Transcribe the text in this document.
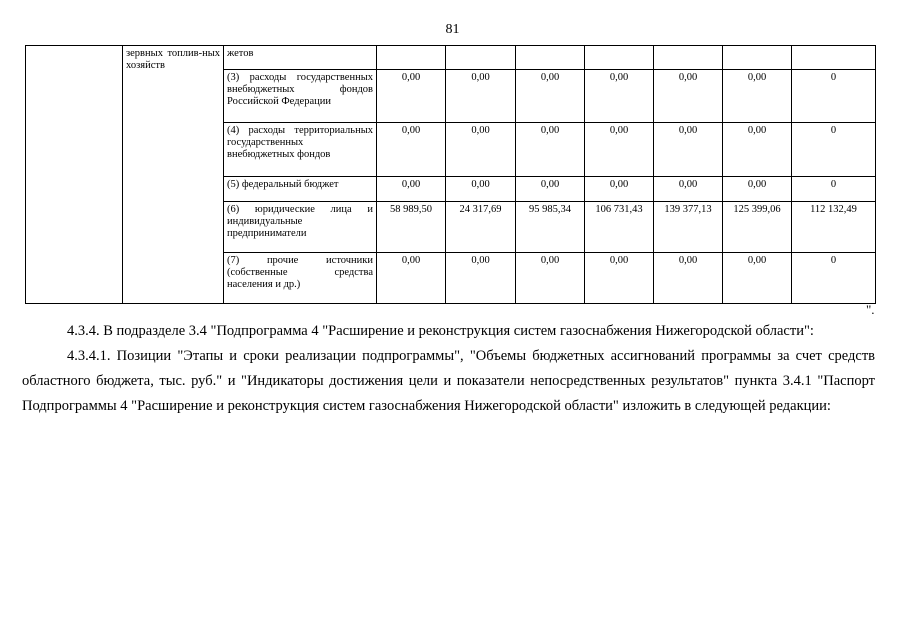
81
	зервных топлив-ных хозяйств	жетов							
		(3) расходы государственных внебюджетных фондов Российской Федерации	0,00	0,00	0,00	0,00	0,00	0,00	0
		(4) расходы территориальных государственных внебюджетных фондов	0,00	0,00	0,00	0,00	0,00	0,00	0
		(5) федеральный бюджет	0,00	0,00	0,00	0,00	0,00	0,00	0
		(6) юридические лица и индивидуальные предприниматели	58 989,50	24 317,69	95 985,34	106 731,43	139 377,13	125 399,06	112 132,49
		(7) прочие источники (собственные средства населения и др.)	0,00	0,00	0,00	0,00	0,00	0,00	0
".
4.3.4. В подразделе 3.4 "Подпрограмма 4 "Расширение и реконструкция систем газоснабжения Нижегородской области":
4.3.4.1. Позиции "Этапы и сроки реализации подпрограммы", "Объемы бюджетных ассигнований программы за счет средств областного бюджета, тыс. руб." и "Индикаторы достижения цели и показатели непосредственных результатов" пункта 3.4.1 "Паспорт Подпрограммы 4 "Расширение и реконструкция систем газоснабжения Нижегородской области" изложить в следующей редакции:
